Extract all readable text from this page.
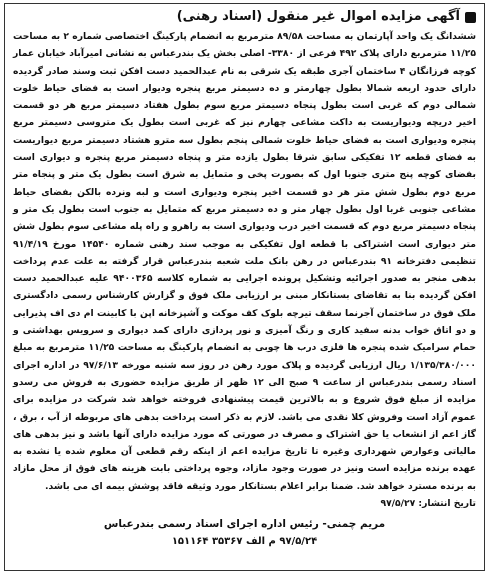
آگهی مزایده اموال غیر منقول (اسناد رهنی)

ششدانگ یک واحد آپارتمان به مساحت ۸۹/۵۸ مترمربع به انضمام پارکینگ اختصاصی شماره ۲ به مساحت ۱۱/۲۵ مترمربع دارای پلاک ۴۹۲ فرعی از ۳۳۸۰- اصلی بخش یک بندرعباس به نشانی امیرآباد خیابان عمار کوچه فرزانگان ۴ ساختمان آجری طبقه یک شرقی به نام عبدالحمید دست افکن ثبت وسند صادر گردیده دارای حدود اربعه شمالا بطول چهارمتر و ده دسیمتر مربع پنجره ودیوار است به فضای حیاط خلوت شمالی دوم که غربی است بطول پنجاه دسیمتر مربع سوم بطول هفتاد دسیمتر مربع هر دو قسمت اخیر دریچه ودیواریست به داکت مشاعی چهارم نیز که غربی است بطول یک متروسی دسیمتر مربع پنجره ودیواری است به فضای حیاط خلوت شمالی پنجم بطول سه مترو هشتاد دسیمتر مربع دیواریست به فضای قطعه ۱۲ تفکیکی سابق شرقا بطول یازده متر و پنجاه دسیمتر مربع پنجره و دیواری است بفضای کوچه پنج متری جنوبا اول که بصورت پخی و متمایل به شرق است بطول یک متر و پنجاه متر مربع دوم بطول شش متر هر دو قسمت اخیر پنجره ودیواری است و لبه ونرده بالکن بفضای حیاط مشاعی جنوبی غربا اول بطول چهار متر و ده دسیمتر مربع که متمایل به جنوب است بطول یک متر و پنجاه دسیمتر مربع دوم که قسمت اخیر درب ودیواری است به راهرو و راه پله مشاعی سوم بطول شش متر دیواری است اشتراکی با قطعه اول تفکیکی به موجب سند رهنی شماره ۱۴۵۴۰ مورخ ۹۱/۴/۱۹ تنظیمی دفترخانه ۹۱ بندرعباس در رهن بانک ملت شعبه بندرعباس قرار گرفته به علت عدم پرداخت بدهی منجر به صدور اجرائیه وتشکیل پرونده اجرایی به شماره کلاسه ۹۴۰۰۳۶۵ علیه عبدالحمید دست افکن گردیده بنا به تقاضای بستانکار مبنی بر ارزیابی ملک فوق و گزارش کارشناس رسمی دادگستری ملک فوق در ساختمان آجرنما سقف تیرچه بلوک کف موکت و آشپزخانه اپن با کابینت ام دی اف پذیرایی و دو اتاق خواب بدنه سفید کاری و رنگ آمیزی و نور پردازی دارای کمد دیواری و سرویس بهداشتی و حمام سرامیک شده پنجره ها فلزی درب ها چوبی به انضمام پارکینگ به مساحت ۱۱/۲۵ مترمربع به مبلغ ۱/۱۳۵/۳۸۰/۰۰۰ ریال ارزیابی گردیده و پلاک مورد رهن در روز سه شنبه مورخه ۹۷/۶/۱۳ در اداره اجرای اسناد رسمی بندرعباس از ساعت ۹ صبح الی ۱۲ ظهر از طریق مزایده حضوری به فروش می رسدو مزایده از مبلغ فوق شروع و به بالاترین قیمت پیشنهادی فروخته خواهد شد شرکت در مزایده برای عموم آزاد است وفروش کلا نقدی می باشد. لازم به ذکر است پرداخت بدهی های مربوطه از آب ، برق ، گاز اعم از انشعاب یا حق اشتراک و مصرف در صورتی که مورد مزایده دارای آنها باشد و نیز بدهی های مالیاتی وعوارض شهرداری وغیره تا تاریخ مزایده اعم از اینکه رقم قطعی آن معلوم شده یا نشده به عهده برنده مزایده است ونیز در صورت وجود مازاد، وجوه پرداختی بابت هزینه های فوق از محل مازاد به برنده مسترد خواهد شد. ضمنا برابر اعلام بستانکار مورد وثیقه فاقد پوشش بیمه ای می باشد.

تاریخ انتشار: ۹۷/۵/۲۷
مریم چمنی- رئیس اداره اجرای اسناد رسمی بندرعباس
۹۷/۵/۲۴ م الف ۳۵۳۶۷ ۱۵۱۱۶۴
